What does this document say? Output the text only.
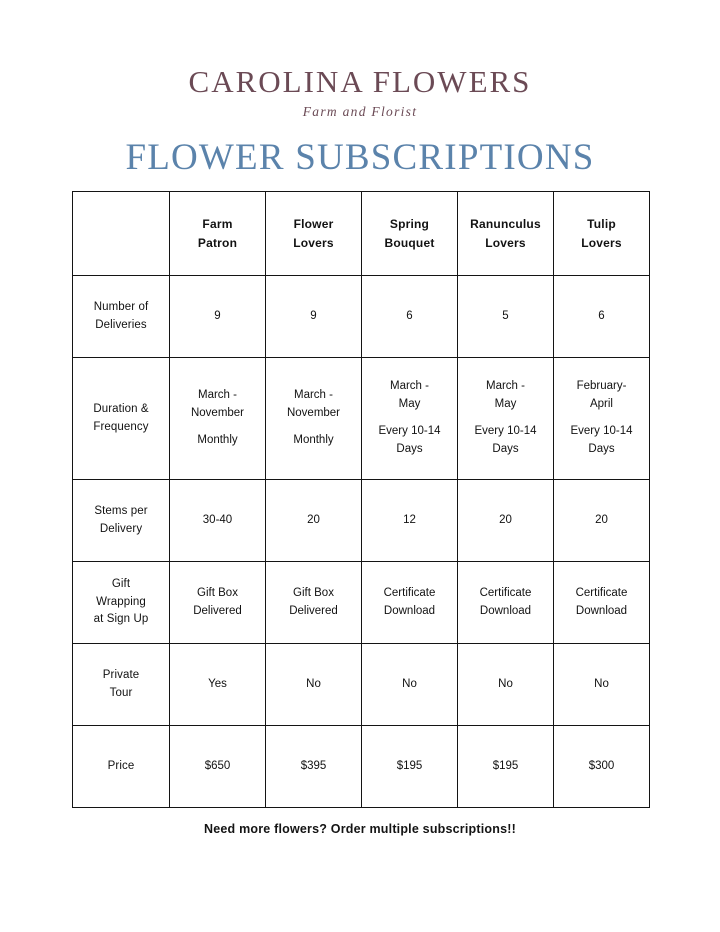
CAROLINA FLOWERS
Farm and Florist
FLOWER SUBSCRIPTIONS

	Farm
Patron	Flower
Lovers	Spring
Bouquet	Ranunculus
Lovers	Tulip
Lovers

Number of
Deliveries	9	9	6	5	6

Duration &
Frequency	March -
November
Monthly	March -
November
Monthly	March -
May
Every 10-14
Days	March -
May
Every 10-14
Days	February-
April
Every 10-14
Days

Stems per
Delivery	30-40	20	12	20	20

Gift
Wrapping
at Sign Up	Gift Box
Delivered	Gift Box
Delivered	Certificate
Download	Certificate
Download	Certificate
Download

Private
Tour	Yes	No	No	No	No

Price	$650	$395	$195	$195	$300
Need more flowers? Order multiple subscriptions!!
